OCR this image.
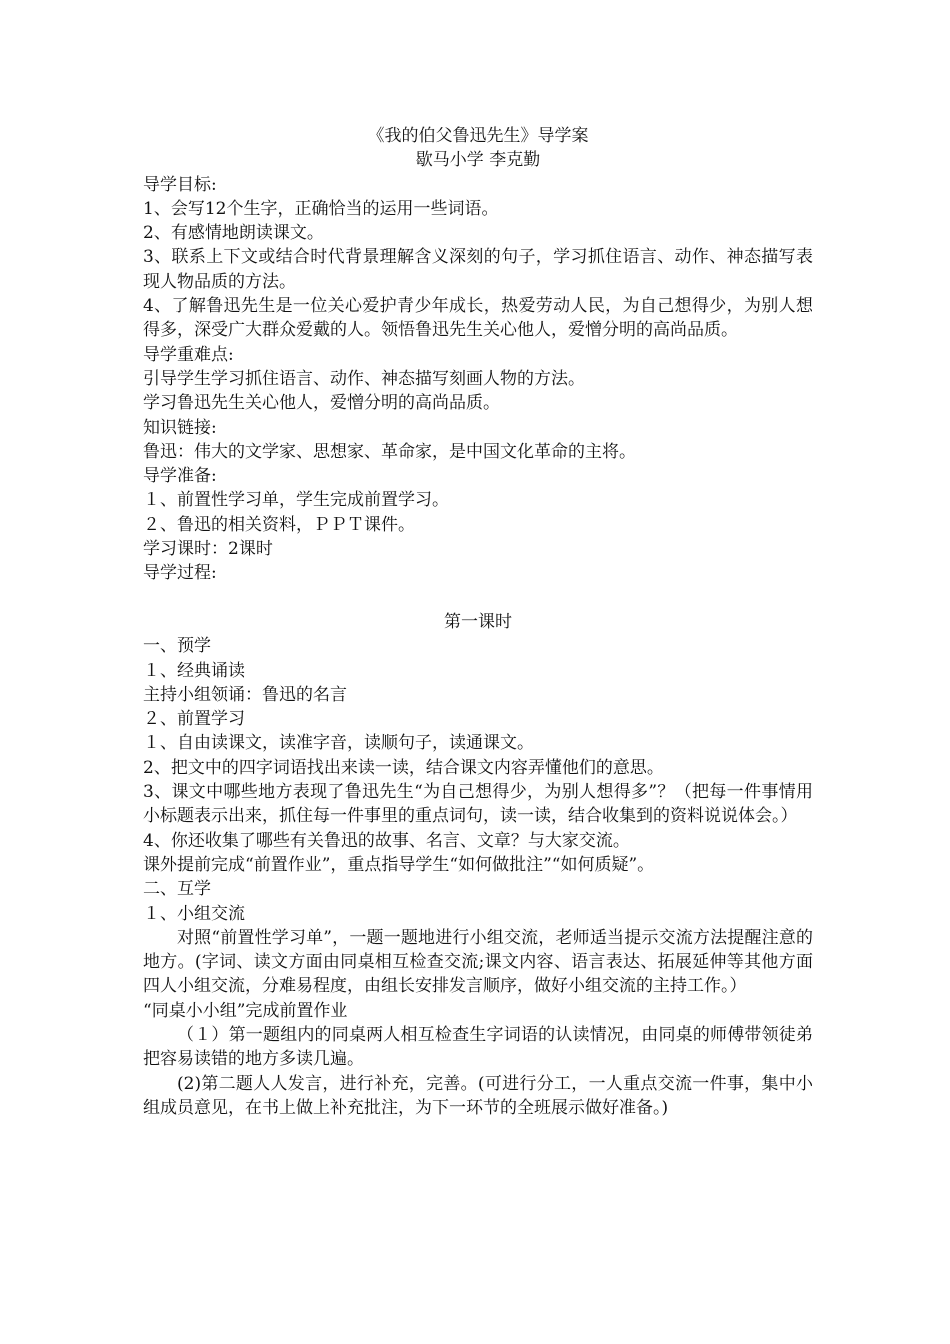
《我的伯父鲁迅先生》导学案

歇马小学 李克勤

导学目标:

1、会写12个生字，正确恰当的运用一些词语。

2、有感情地朗读课文。

3、联系上下文或结合时代背景理解含义深刻的句子，学习抓住语言、动作、神态描写表现人物品质的方法。

4、了解鲁迅先生是一位关心爱护青少年成长，热爱劳动人民，为自己想得少，为别人想得多，深受广大群众爱戴的人。领悟鲁迅先生关心他人，爱憎分明的高尚品质。

导学重难点:

引导学生学习抓住语言、动作、神态描写刻画人物的方法。

学习鲁迅先生关心他人，爱憎分明的高尚品质。

知识链接:

鲁迅：伟大的文学家、思想家、革命家，是中国文化革命的主将。

导学准备:

１、前置性学习单，学生完成前置学习。

２、鲁迅的相关资料，ＰＰＴ课件。

学习课时：2课时

导学过程:

第一课时

一、预学

１、经典诵读

主持小组领诵：鲁迅的名言

２、前置学习

１、自由读课文，读准字音，读顺句子，读通课文。

2、把文中的四字词语找出来读一读，结合课文内容弄懂他们的意思。

3、课文中哪些地方表现了鲁迅先生“为自己想得少，为别人想得多”？（把每一件事情用小标题表示出来，抓住每一件事里的重点词句，读一读，结合收集到的资料说说体会。）

4、你还收集了哪些有关鲁迅的故事、名言、文章？与大家交流。

课外提前完成“前置作业”，重点指导学生“如何做批注”“如何质疑”。

二、互学

１、小组交流

对照“前置性学习单”，一题一题地进行小组交流，老师适当提示交流方法提醒注意的地方。(字词、读文方面由同桌相互检查交流;课文内容、语言表达、拓展延伸等其他方面四人小组交流，分难易程度，由组长安排发言顺序，做好小组交流的主持工作。）

“同桌小小组”完成前置作业

（１）第一题组内的同桌两人相互检查生字词语的认读情况，由同桌的师傅带领徒弟把容易读错的地方多读几遍。

(2)第二题人人发言，进行补充，完善。(可进行分工，一人重点交流一件事，集中小组成员意见，在书上做上补充批注，为下一环节的全班展示做好准备。)
